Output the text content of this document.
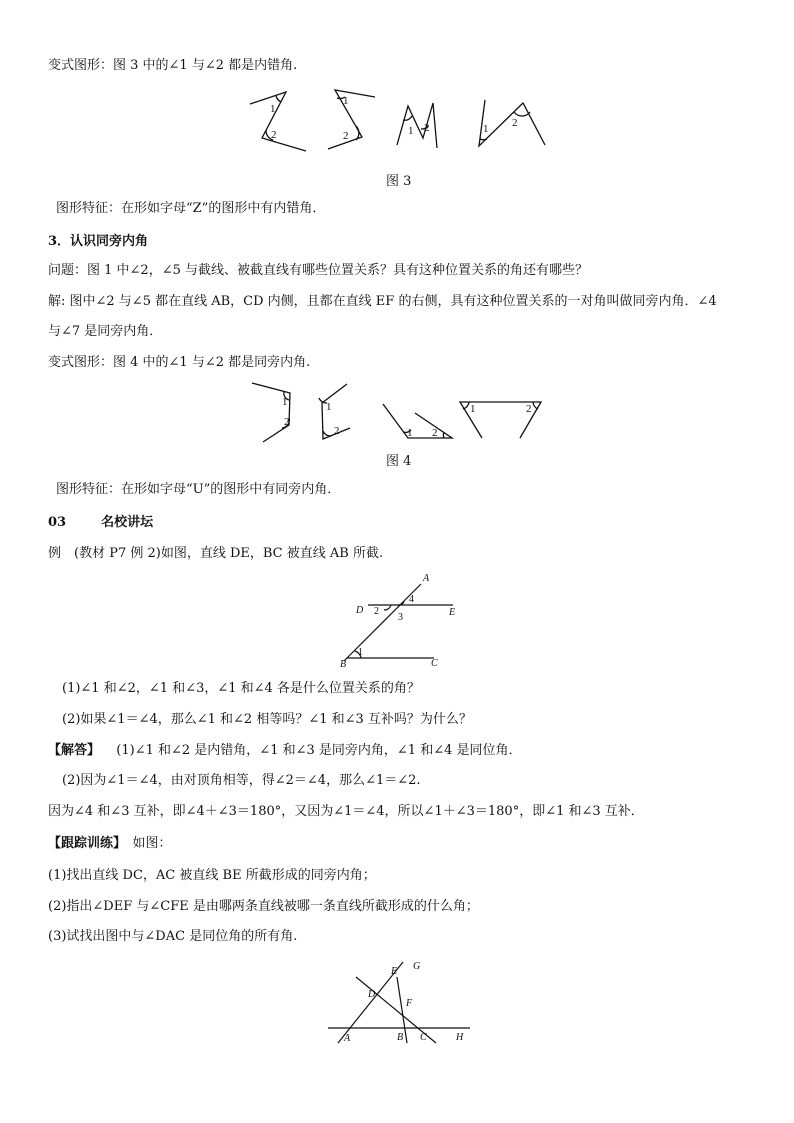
变式图形：图 3 中的∠1 与∠2 都是内错角.
1
2
1
2	1 2	1 2
图 3
图形特征：在形如字母“Z”的图形中有内错角．
3．认识同旁内角
问题：图 1 中∠2，∠5 与截线、被截直线有哪些位置关系？具有这种位置关系的角还有哪些？
解: 图中∠2 与∠5 都在直线 AB，CD 内侧，且都在直线 EF 的右侧，具有这种位置关系的一对角叫做同旁内角．∠4
与∠7 是同旁内角．
变式图形：图 4 中的∠1 与∠2 都是同旁内角.
1
2
1
2	1 2
1	2
图 4
图形特征：在形如字母“U”的图形中有同旁内角．
03	名校讲坛
例　(教材 P7 例 2)如图，直线 DE，BC 被直线 AB 所截.
A
D	E
B	C
4
2
3
1
(1)∠1 和∠2，∠1 和∠3，∠1 和∠4 各是什么位置关系的角？
(2)如果∠1＝∠4，那么∠1 和∠2 相等吗？∠1 和∠3 互补吗？为什么？
【解答】 (1)∠1 和∠2 是内错角，∠1 和∠3 是同旁内角，∠1 和∠4 是同位角．
(2)因为∠1＝∠4，由对顶角相等，得∠2＝∠4，那么∠1＝∠2.
因为∠4 和∠3 互补，即∠4＋∠3＝180°，又因为∠1＝∠4，所以∠1＋∠3＝180°，即∠1 和∠3 互补．
【跟踪训练】　如图：
(1)找出直线 DC，AC 被直线 BE 所截形成的同旁内角；
(2)指出∠DEF 与∠CFE 是由哪两条直线被哪一条直线所截形成的什么角；
(3)试找出图中与∠DAC 是同位角的所有角.
E G
D
F
A	B C	H
